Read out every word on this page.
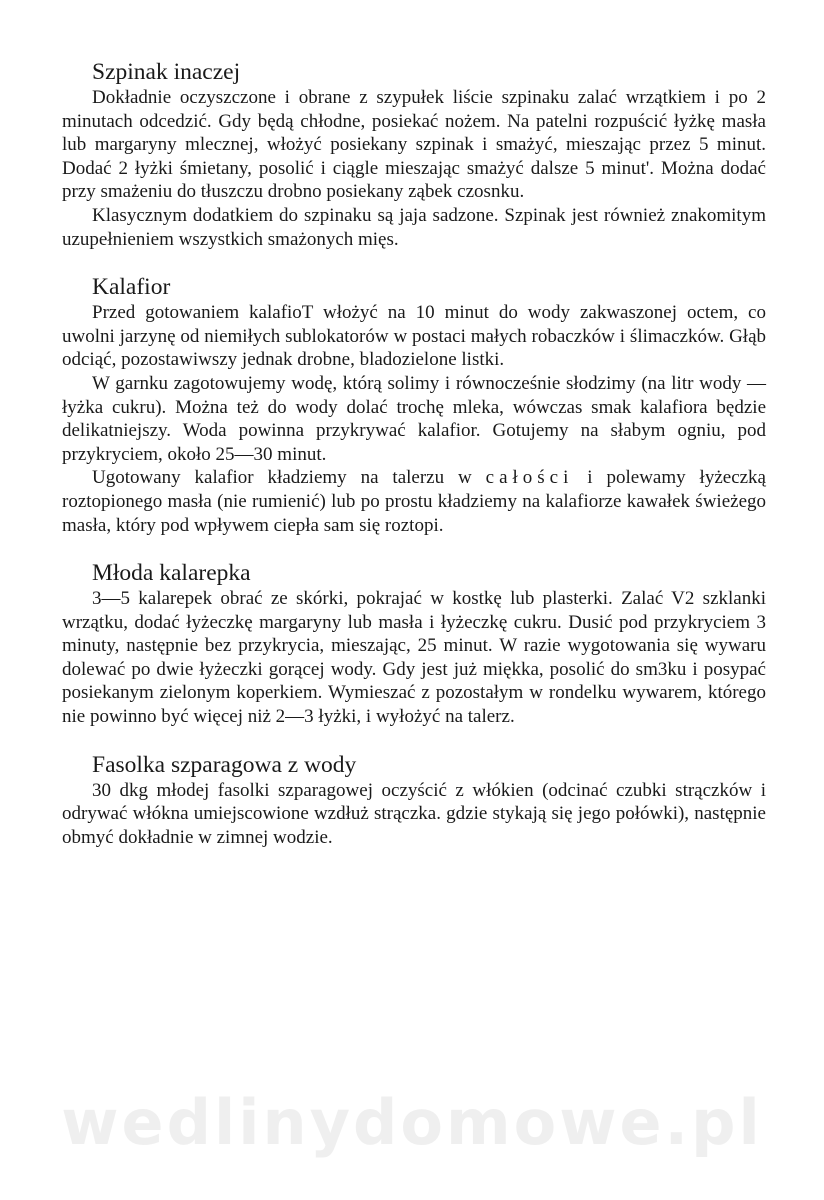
Szpinak inaczej

Dokładnie oczyszczone i obrane z szypułek liście szpinaku zalać wrzątkiem i po 2 minutach odcedzić. Gdy będą chłodne, posiekać nożem. Na patelni rozpuścić łyżkę masła lub margaryny mlecznej, włożyć posiekany szpinak i smażyć, mieszając przez 5 minut. Dodać 2 łyżki śmietany, posolić i ciągle mieszając smażyć dalsze 5 minut'. Można dodać przy smażeniu do tłuszczu drobno posiekany ząbek czosnku.

Klasycznym dodatkiem do szpinaku są jaja sadzone. Szpinak jest również znakomitym uzupełnieniem wszystkich smażonych mięs.

Kalafior

Przed gotowaniem kalafioT włożyć na 10 minut do wody zakwaszonej octem, co uwolni jarzynę od niemiłych sublokatorów w postaci małych robaczków i ślimaczków. Głąb odciąć, pozostawiwszy jednak drobne, bladozielone listki.

W garnku zagotowujemy wodę, którą solimy i równocześnie słodzimy (na litr wody — łyżka cukru). Można też do wody dolać trochę mleka, wówczas smak kalafiora będzie delikatniejszy. Woda powinna przykrywać kalafior. Gotujemy na słabym ogniu, pod przykryciem, około 25—30 minut.

Ugotowany kalafior kładziemy na talerzu w całości i polewamy łyżeczką roztopionego masła (nie rumienić) lub po prostu kładziemy na kalafiorze kawałek świeżego masła, który pod wpływem ciepła sam się roztopi.

Młoda kalarepka

3—5 kalarepek obrać ze skórki, pokrajać w kostkę lub plasterki. Zalać V2 szklanki wrzątku, dodać łyżeczkę margaryny lub masła i łyżeczkę cukru. Dusić pod przykryciem 3 minuty, następnie bez przykrycia, mieszając, 25 minut. W razie wygotowania się wywaru dolewać po dwie łyżeczki gorącej wody. Gdy jest już miękka, posolić do sm3ku i posypać posiekanym zielonym koperkiem. Wymieszać z pozostałym w rondelku wywarem, którego nie powinno być więcej niż 2—3 łyżki, i wyłożyć na talerz.

Fasolka szparagowa z wody

30 dkg młodej fasolki szparagowej oczyścić z włókien (odcinać czubki strączków i odrywać włókna umiejscowione wzdłuż strączka. gdzie stykają się jego połówki), następnie obmyć dokładnie w zimnej wodzie.

wedlinydomowe.pl
